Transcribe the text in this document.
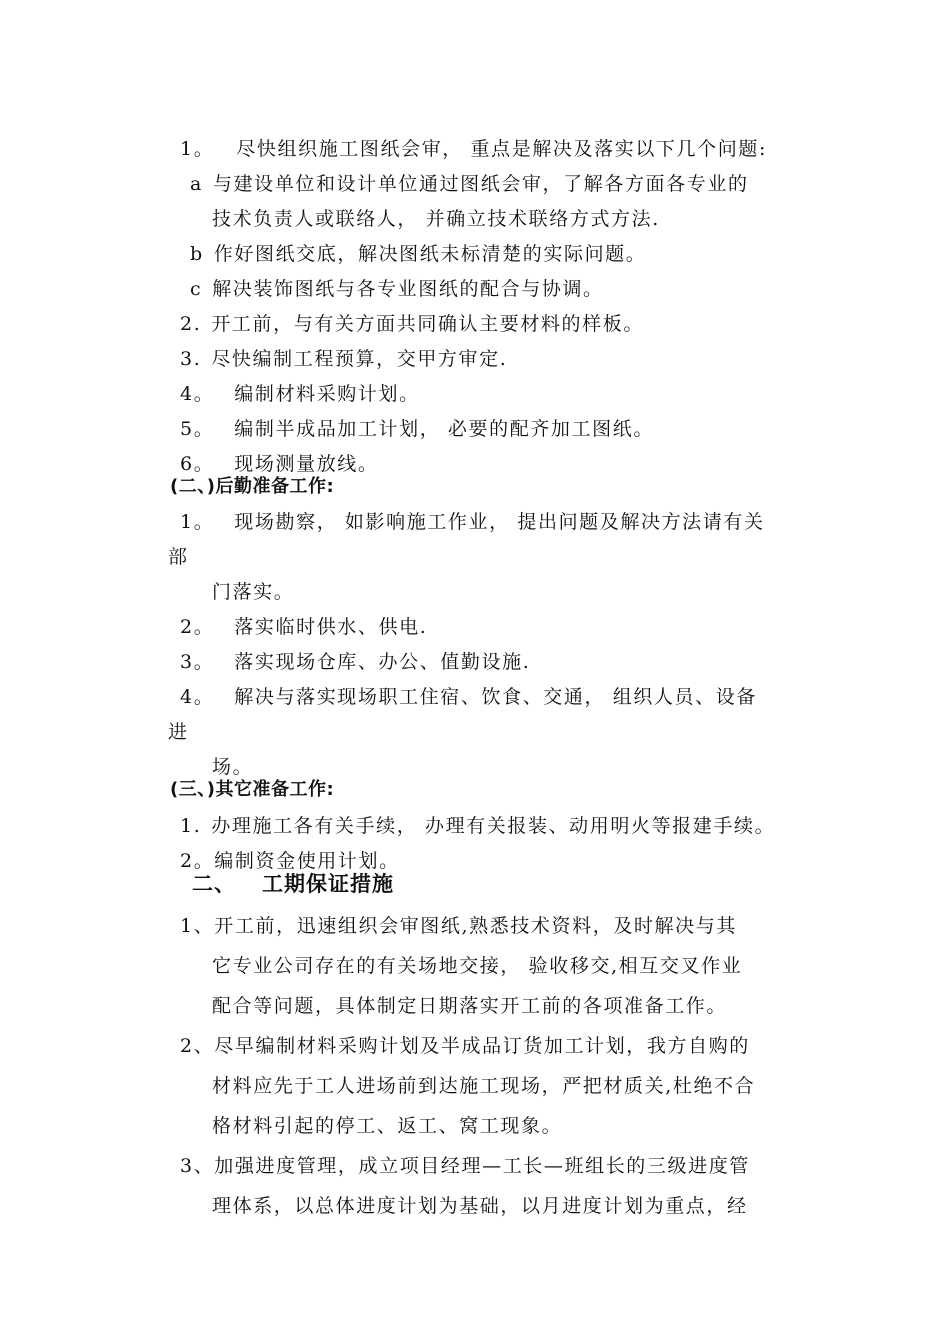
1。 尽快组织施工图纸会审， 重点是解决及落实以下几个问题:

a 与建设单位和设计单位通过图纸会审，了解各方面各专业的

技术负责人或联络人， 并确立技术联络方式方法.

b 作好图纸交底，解决图纸未标清楚的实际问题。

c 解决装饰图纸与各专业图纸的配合与协调。

2. 开工前，与有关方面共同确认主要材料的样板。

3. 尽快编制工程预算，交甲方审定.

4。 编制材料采购计划。

5。 编制半成品加工计划， 必要的配齐加工图纸。

6。 现场测量放线。

(二、)后勤准备工作:

1。 现场勘察， 如影响施工作业， 提出问题及解决方法请有关

部

门落实。

2。 落实临时供水、供电.

3。 落实现场仓库、办公、值勤设施.

4。 解决与落实现场职工住宿、饮食、交通， 组织人员、设备

进

场。

(三、)其它准备工作:

1. 办理施工各有关手续， 办理有关报装、动用明火等报建手续。

2。编制资金使用计划。

二、 工期保证措施

1、开工前，迅速组织会审图纸,熟悉技术资料，及时解决与其

它专业公司存在的有关场地交接， 验收移交,相互交叉作业

配合等问题，具体制定日期落实开工前的各项准备工作。

2、尽早编制材料采购计划及半成品订货加工计划，我方自购的

材料应先于工人进场前到达施工现场，严把材质关,杜绝不合

格材料引起的停工、返工、窝工现象。

3、加强进度管理，成立项目经理—工长—班组长的三级进度管

理体系，以总体进度计划为基础，以月进度计划为重点，经
